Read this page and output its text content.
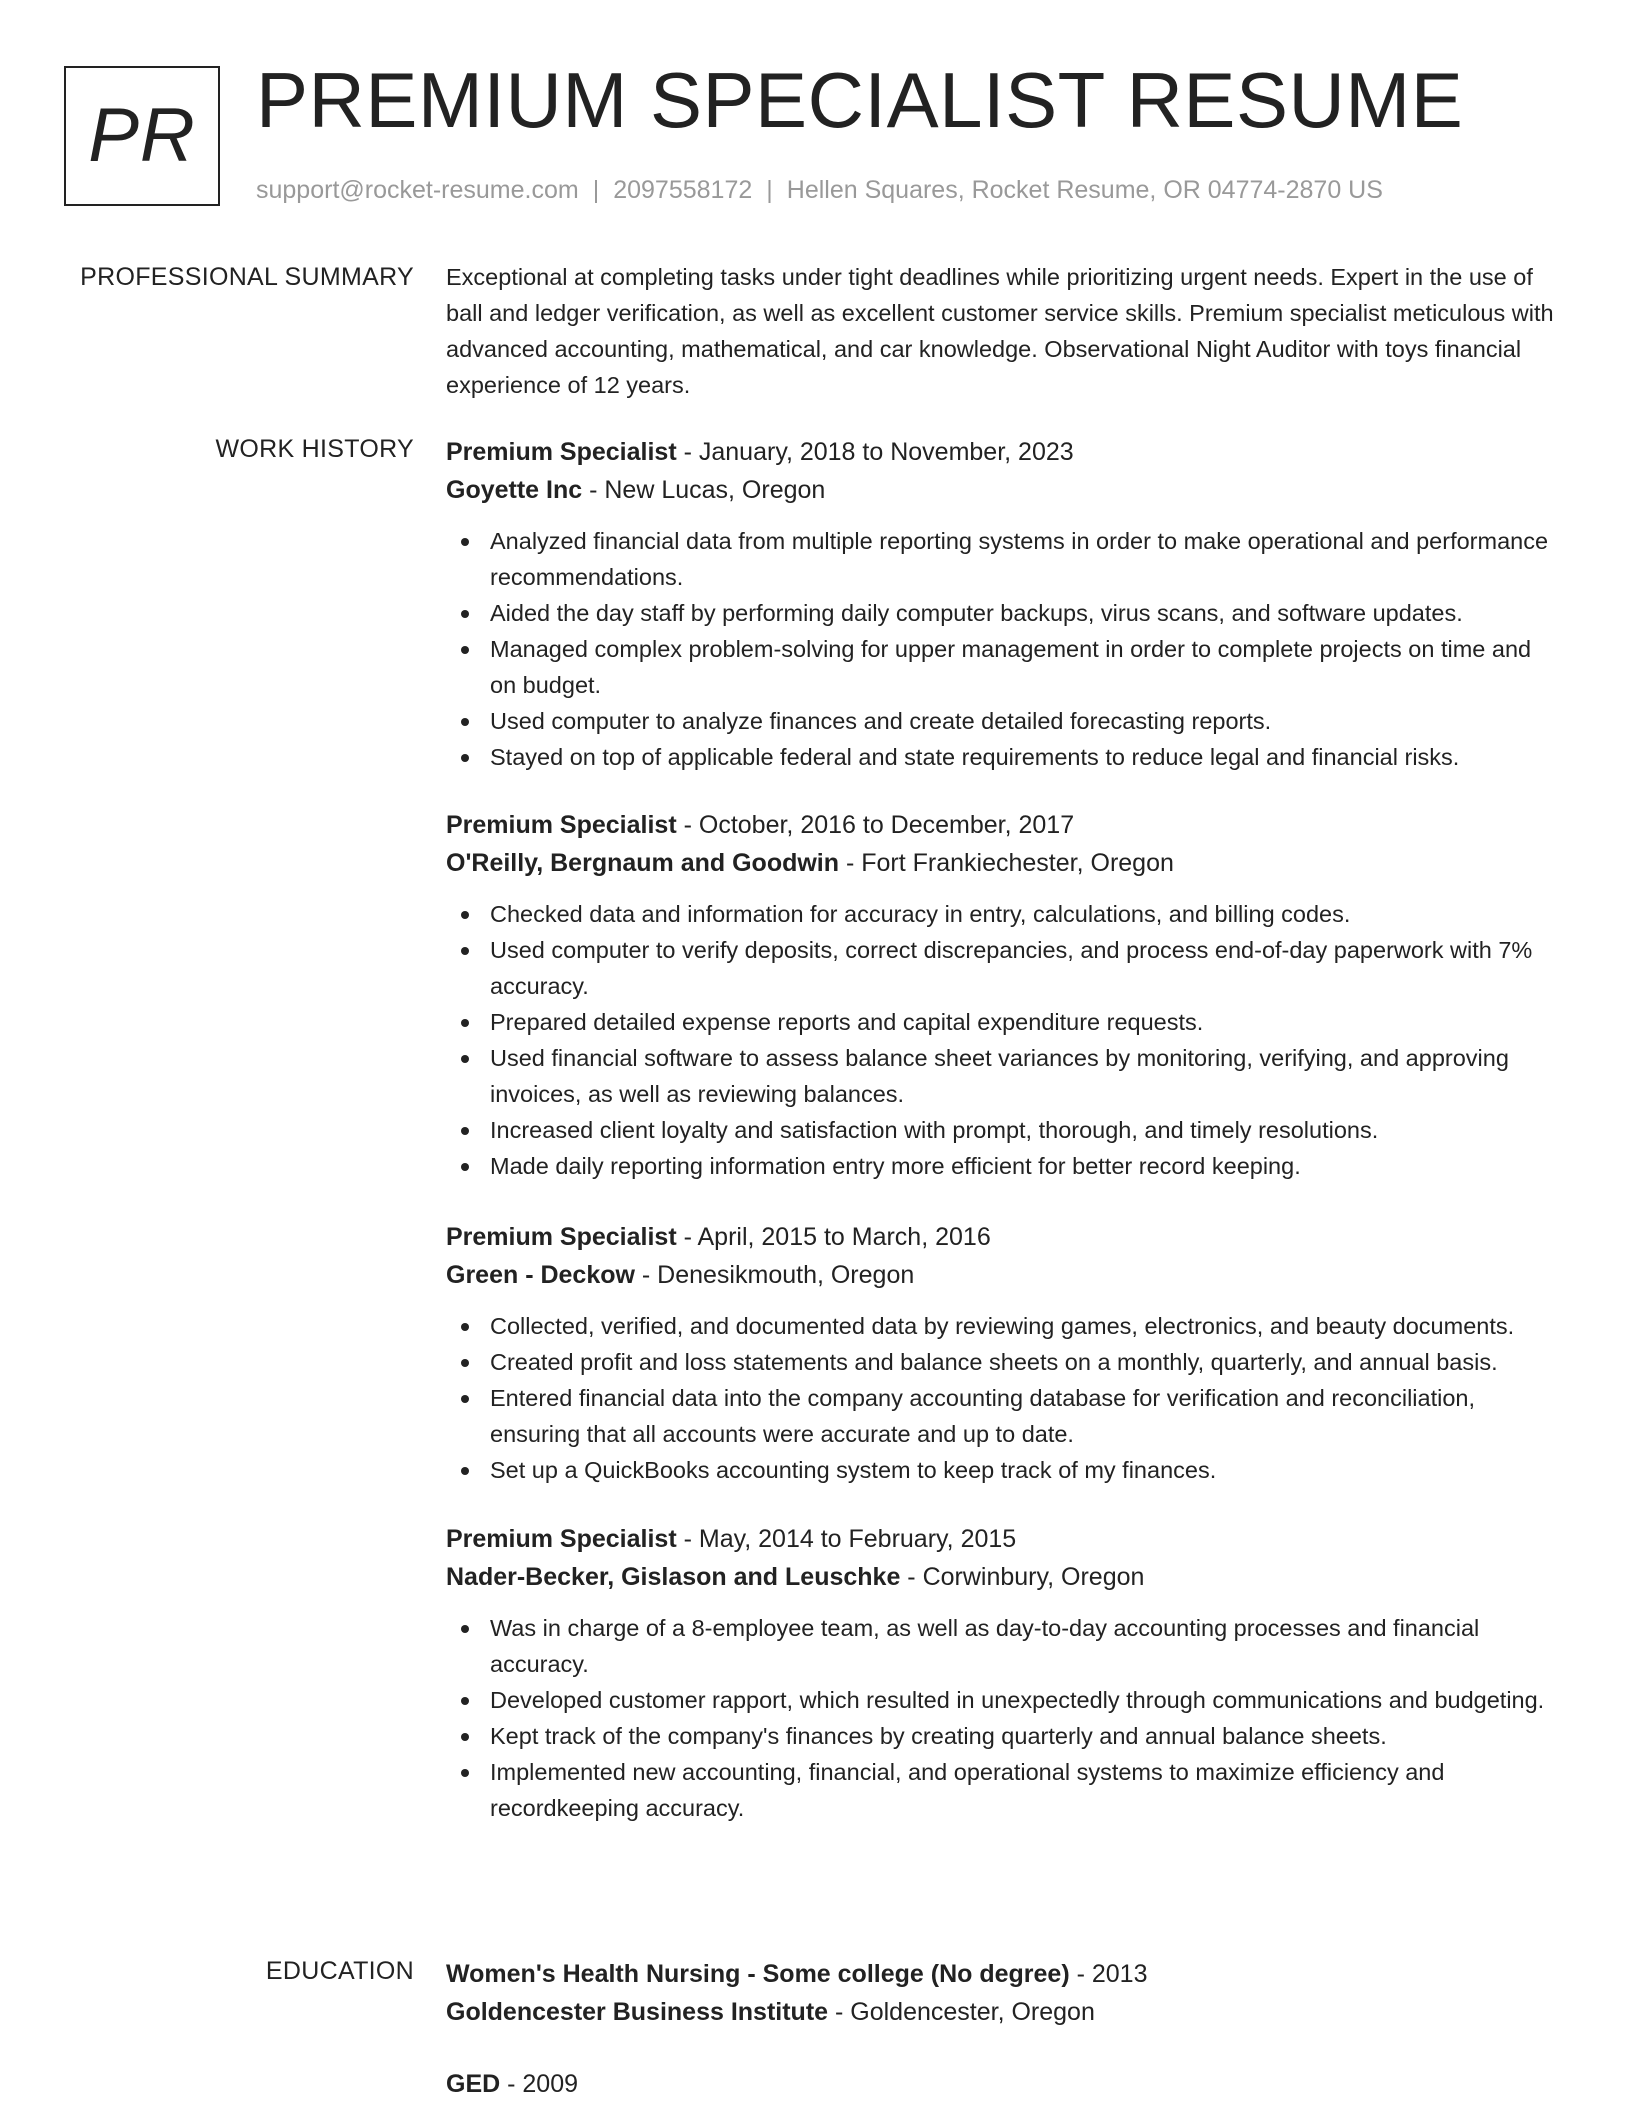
PR PREMIUM SPECIALIST RESUME
support@rocket-resume.com | 2097558172 | Hellen Squares, Rocket Resume, OR 04774-2870 US
PROFESSIONAL SUMMARY Exceptional at completing tasks under tight deadlines while prioritizing urgent needs. Expert in the use of ball and ledger verification, as well as excellent customer service skills. Premium specialist meticulous with advanced accounting, mathematical, and car knowledge. Observational Night Auditor with toys financial experience of 12 years.

WORK HISTORY Premium Specialist - January, 2018 to November, 2023
Goyette Inc - New Lucas, Oregon
Analyzed financial data from multiple reporting systems in order to make operational and performance recommendations.
Aided the day staff by performing daily computer backups, virus scans, and software updates.
Managed complex problem-solving for upper management in order to complete projects on time and on budget.
Used computer to analyze finances and create detailed forecasting reports.
Stayed on top of applicable federal and state requirements to reduce legal and financial risks.
Premium Specialist - October, 2016 to December, 2017
O'Reilly, Bergnaum and Goodwin - Fort Frankiechester, Oregon
Checked data and information for accuracy in entry, calculations, and billing codes.
Used computer to verify deposits, correct discrepancies, and process end-of-day paperwork with 7% accuracy.
Prepared detailed expense reports and capital expenditure requests.
Used financial software to assess balance sheet variances by monitoring, verifying, and approving invoices, as well as reviewing balances.
Increased client loyalty and satisfaction with prompt, thorough, and timely resolutions.
Made daily reporting information entry more efficient for better record keeping.
Premium Specialist - April, 2015 to March, 2016
Green - Deckow - Denesikmouth, Oregon
Collected, verified, and documented data by reviewing games, electronics, and beauty documents.
Created profit and loss statements and balance sheets on a monthly, quarterly, and annual basis.
Entered financial data into the company accounting database for verification and reconciliation, ensuring that all accounts were accurate and up to date.
Set up a QuickBooks accounting system to keep track of my finances.
Premium Specialist - May, 2014 to February, 2015
Nader-Becker, Gislason and Leuschke - Corwinbury, Oregon
Was in charge of a 8-employee team, as well as day-to-day accounting processes and financial accuracy.
Developed customer rapport, which resulted in unexpectedly through communications and budgeting.
Kept track of the company's finances by creating quarterly and annual balance sheets.
Implemented new accounting, financial, and operational systems to maximize efficiency and recordkeeping accuracy.
EDUCATION Women's Health Nursing - Some college (No degree) - 2013
Goldencester Business Institute - Goldencester, Oregon
GED - 2009
